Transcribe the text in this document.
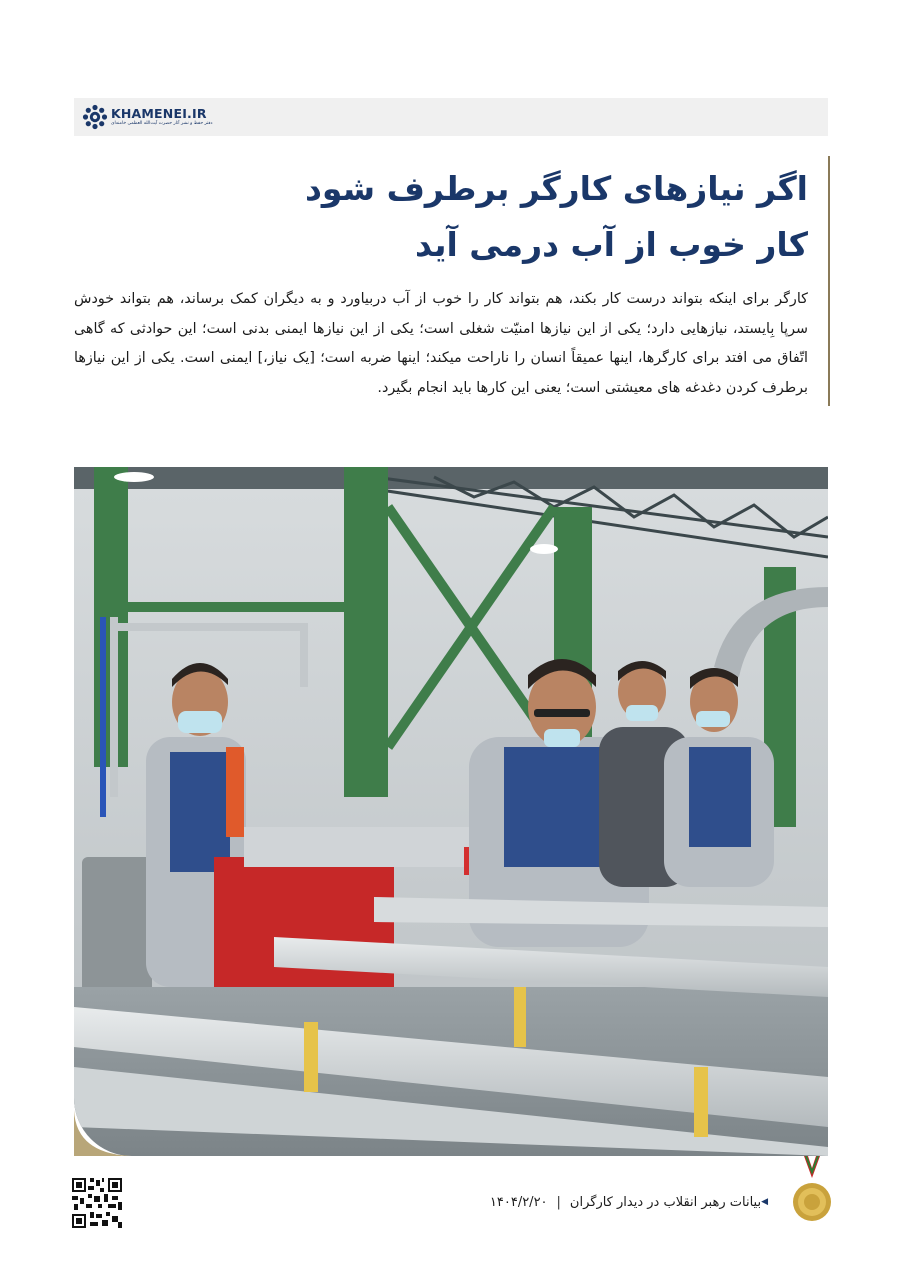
KHAMENEI.IR
دفتر حفظ و نشر آثار حضرت آیت‌الله العظمی خامنه‌ای
اگر نیازهای کارگر برطرف شود
کار خوب از آب درمی آید

کارگر برای اینکه بتواند درست کار بکند، هم بتواند کار را خوب از آب دربیاورد و به دیگران کمک برساند، هم بتواند خودش سرپا بِایستد، نیازهایی دارد؛ یکی از این نیازها امنیّت شغلی است؛ یکی از این نیازها ایمنی بدنی است؛ این حوادثی که گاهی اتّفاق می افتد برای کارگرها، اینها عمیقاً انسان را ناراحت میکند؛ اینها ضربه است؛ [یک نیاز،] ایمنی است. یکی از این نیازها برطرف کردن دغدغه های معیشتی است؛ یعنی این کارها باید انجام بگیرد.

◀
بیانات رهبر انقلاب در دیدار کارگران
|
۱۴۰۴/۲/۲۰
